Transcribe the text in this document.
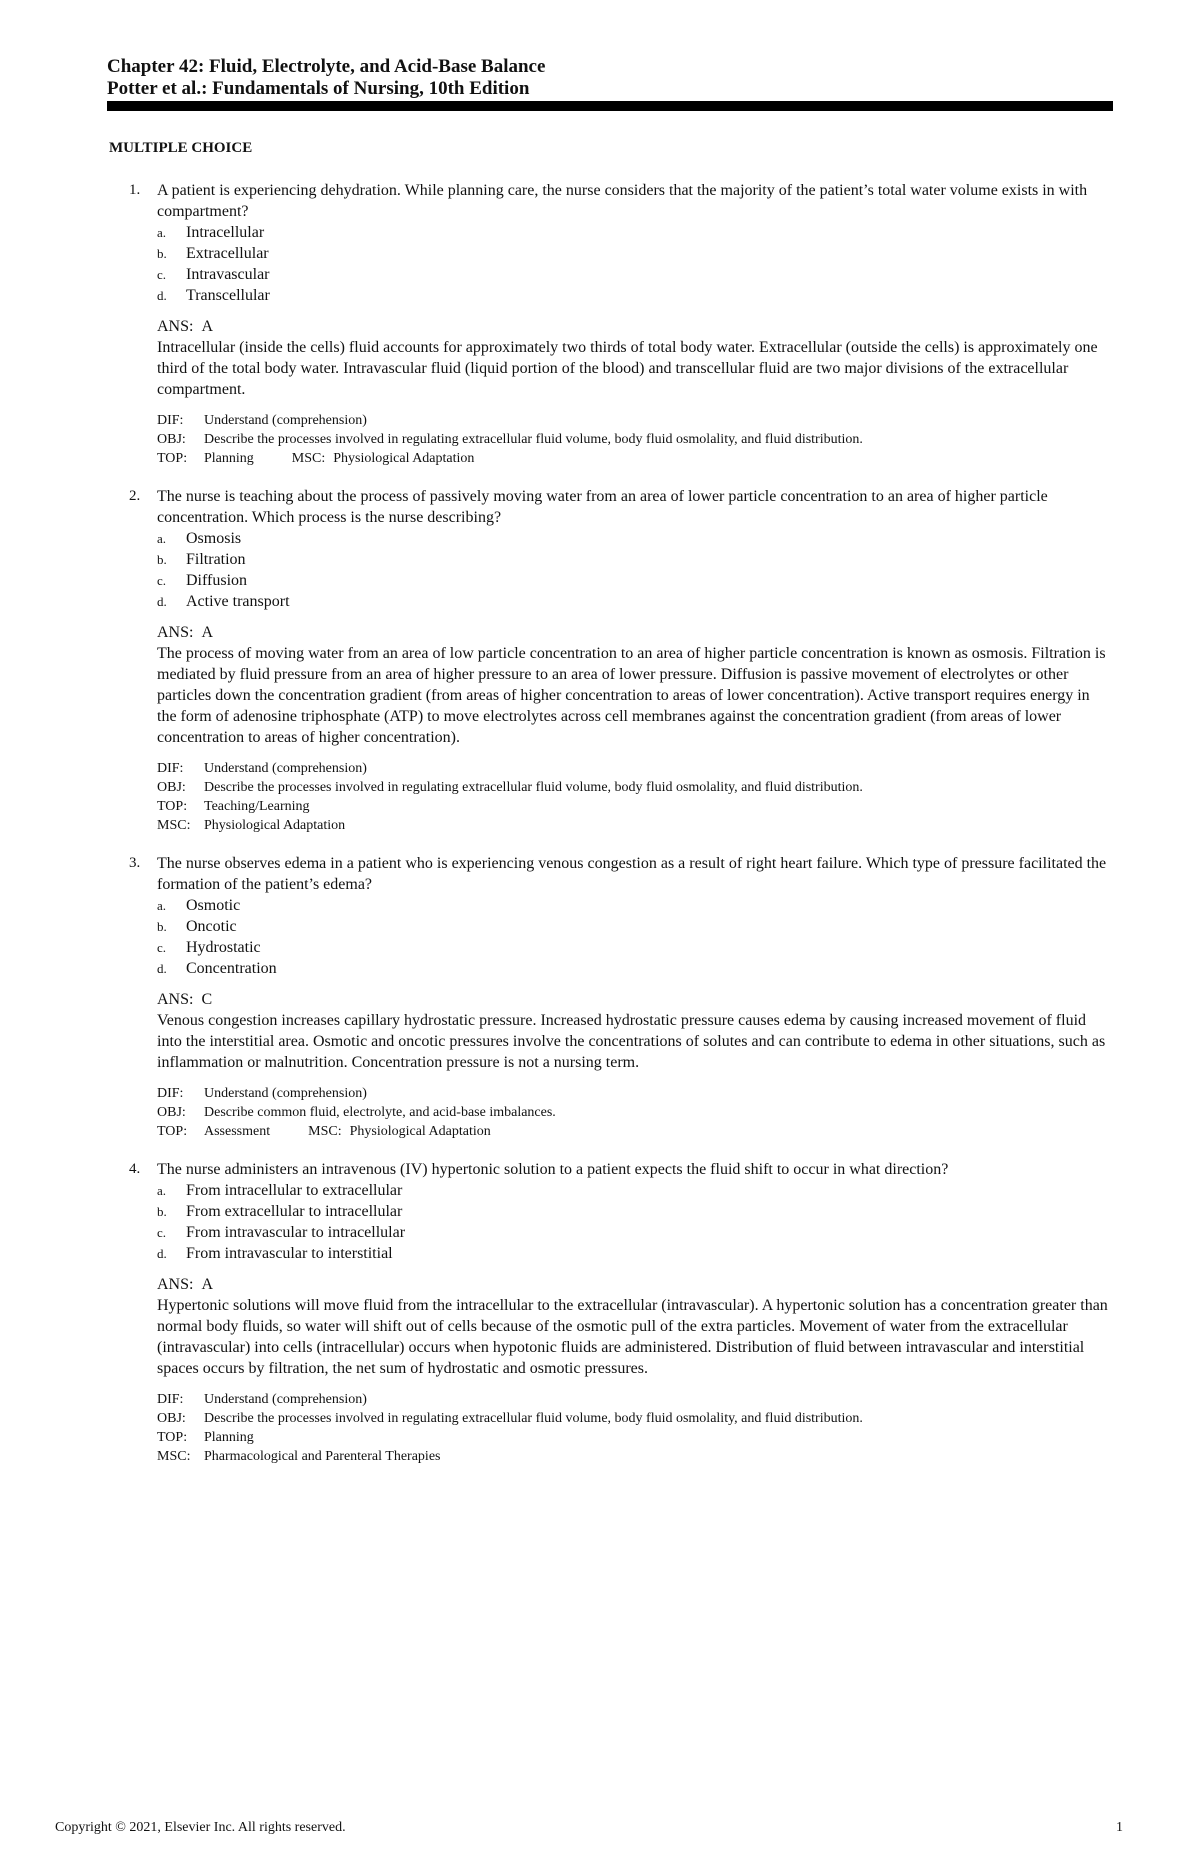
Chapter 42: Fluid, Electrolyte, and Acid-Base Balance
Potter et al.: Fundamentals of Nursing, 10th Edition
MULTIPLE CHOICE
1. A patient is experiencing dehydration. While planning care, the nurse considers that the majority of the patient’s total water volume exists in with compartment?
a. Intracellular
b. Extracellular
c. Intravascular
d. Transcellular
ANS: A
Intracellular (inside the cells) fluid accounts for approximately two thirds of total body water. Extracellular (outside the cells) is approximately one third of the total body water. Intravascular fluid (liquid portion of the blood) and transcellular fluid are two major divisions of the extracellular compartment.
DIF:	Understand (comprehension)
OBJ:	Describe the processes involved in regulating extracellular fluid volume, body fluid osmolality, and fluid distribution.
TOP:	Planning	MSC: Physiological Adaptation
2. The nurse is teaching about the process of passively moving water from an area of lower particle concentration to an area of higher particle concentration. Which process is the nurse describing?
a. Osmosis
b. Filtration
c. Diffusion
d. Active transport
ANS: A
The process of moving water from an area of low particle concentration to an area of higher particle concentration is known as osmosis. Filtration is mediated by fluid pressure from an area of higher pressure to an area of lower pressure. Diffusion is passive movement of electrolytes or other particles down the concentration gradient (from areas of higher concentration to areas of lower concentration). Active transport requires energy in the form of adenosine triphosphate (ATP) to move electrolytes across cell membranes against the concentration gradient (from areas of lower concentration to areas of higher concentration).
DIF:	Understand (comprehension)
OBJ:	Describe the processes involved in regulating extracellular fluid volume, body fluid osmolality, and fluid distribution.
TOP:	Teaching/Learning
MSC: Physiological Adaptation
3. The nurse observes edema in a patient who is experiencing venous congestion as a result of right heart failure. Which type of pressure facilitated the formation of the patient’s edema?
a. Osmotic
b. Oncotic
c. Hydrostatic
d. Concentration
ANS: C
Venous congestion increases capillary hydrostatic pressure. Increased hydrostatic pressure causes edema by causing increased movement of fluid into the interstitial area. Osmotic and oncotic pressures involve the concentrations of solutes and can contribute to edema in other situations, such as inflammation or malnutrition. Concentration pressure is not a nursing term.
DIF:	Understand (comprehension)
OBJ:	Describe common fluid, electrolyte, and acid-base imbalances.
TOP:	Assessment	MSC: Physiological Adaptation
4. The nurse administers an intravenous (IV) hypertonic solution to a patient expects the fluid shift to occur in what direction?
a. From intracellular to extracellular
b. From extracellular to intracellular
c. From intravascular to intracellular
d. From intravascular to interstitial
ANS: A
Hypertonic solutions will move fluid from the intracellular to the extracellular (intravascular). A hypertonic solution has a concentration greater than normal body fluids, so water will shift out of cells because of the osmotic pull of the extra particles. Movement of water from the extracellular (intravascular) into cells (intracellular) occurs when hypotonic fluids are administered. Distribution of fluid between intravascular and interstitial spaces occurs by filtration, the net sum of hydrostatic and osmotic pressures.
DIF:	Understand (comprehension)
OBJ:	Describe the processes involved in regulating extracellular fluid volume, body fluid osmolality, and fluid distribution.
TOP:	Planning
MSC: Pharmacological and Parenteral Therapies
Copyright © 2021, Elsevier Inc. All rights reserved.	1
